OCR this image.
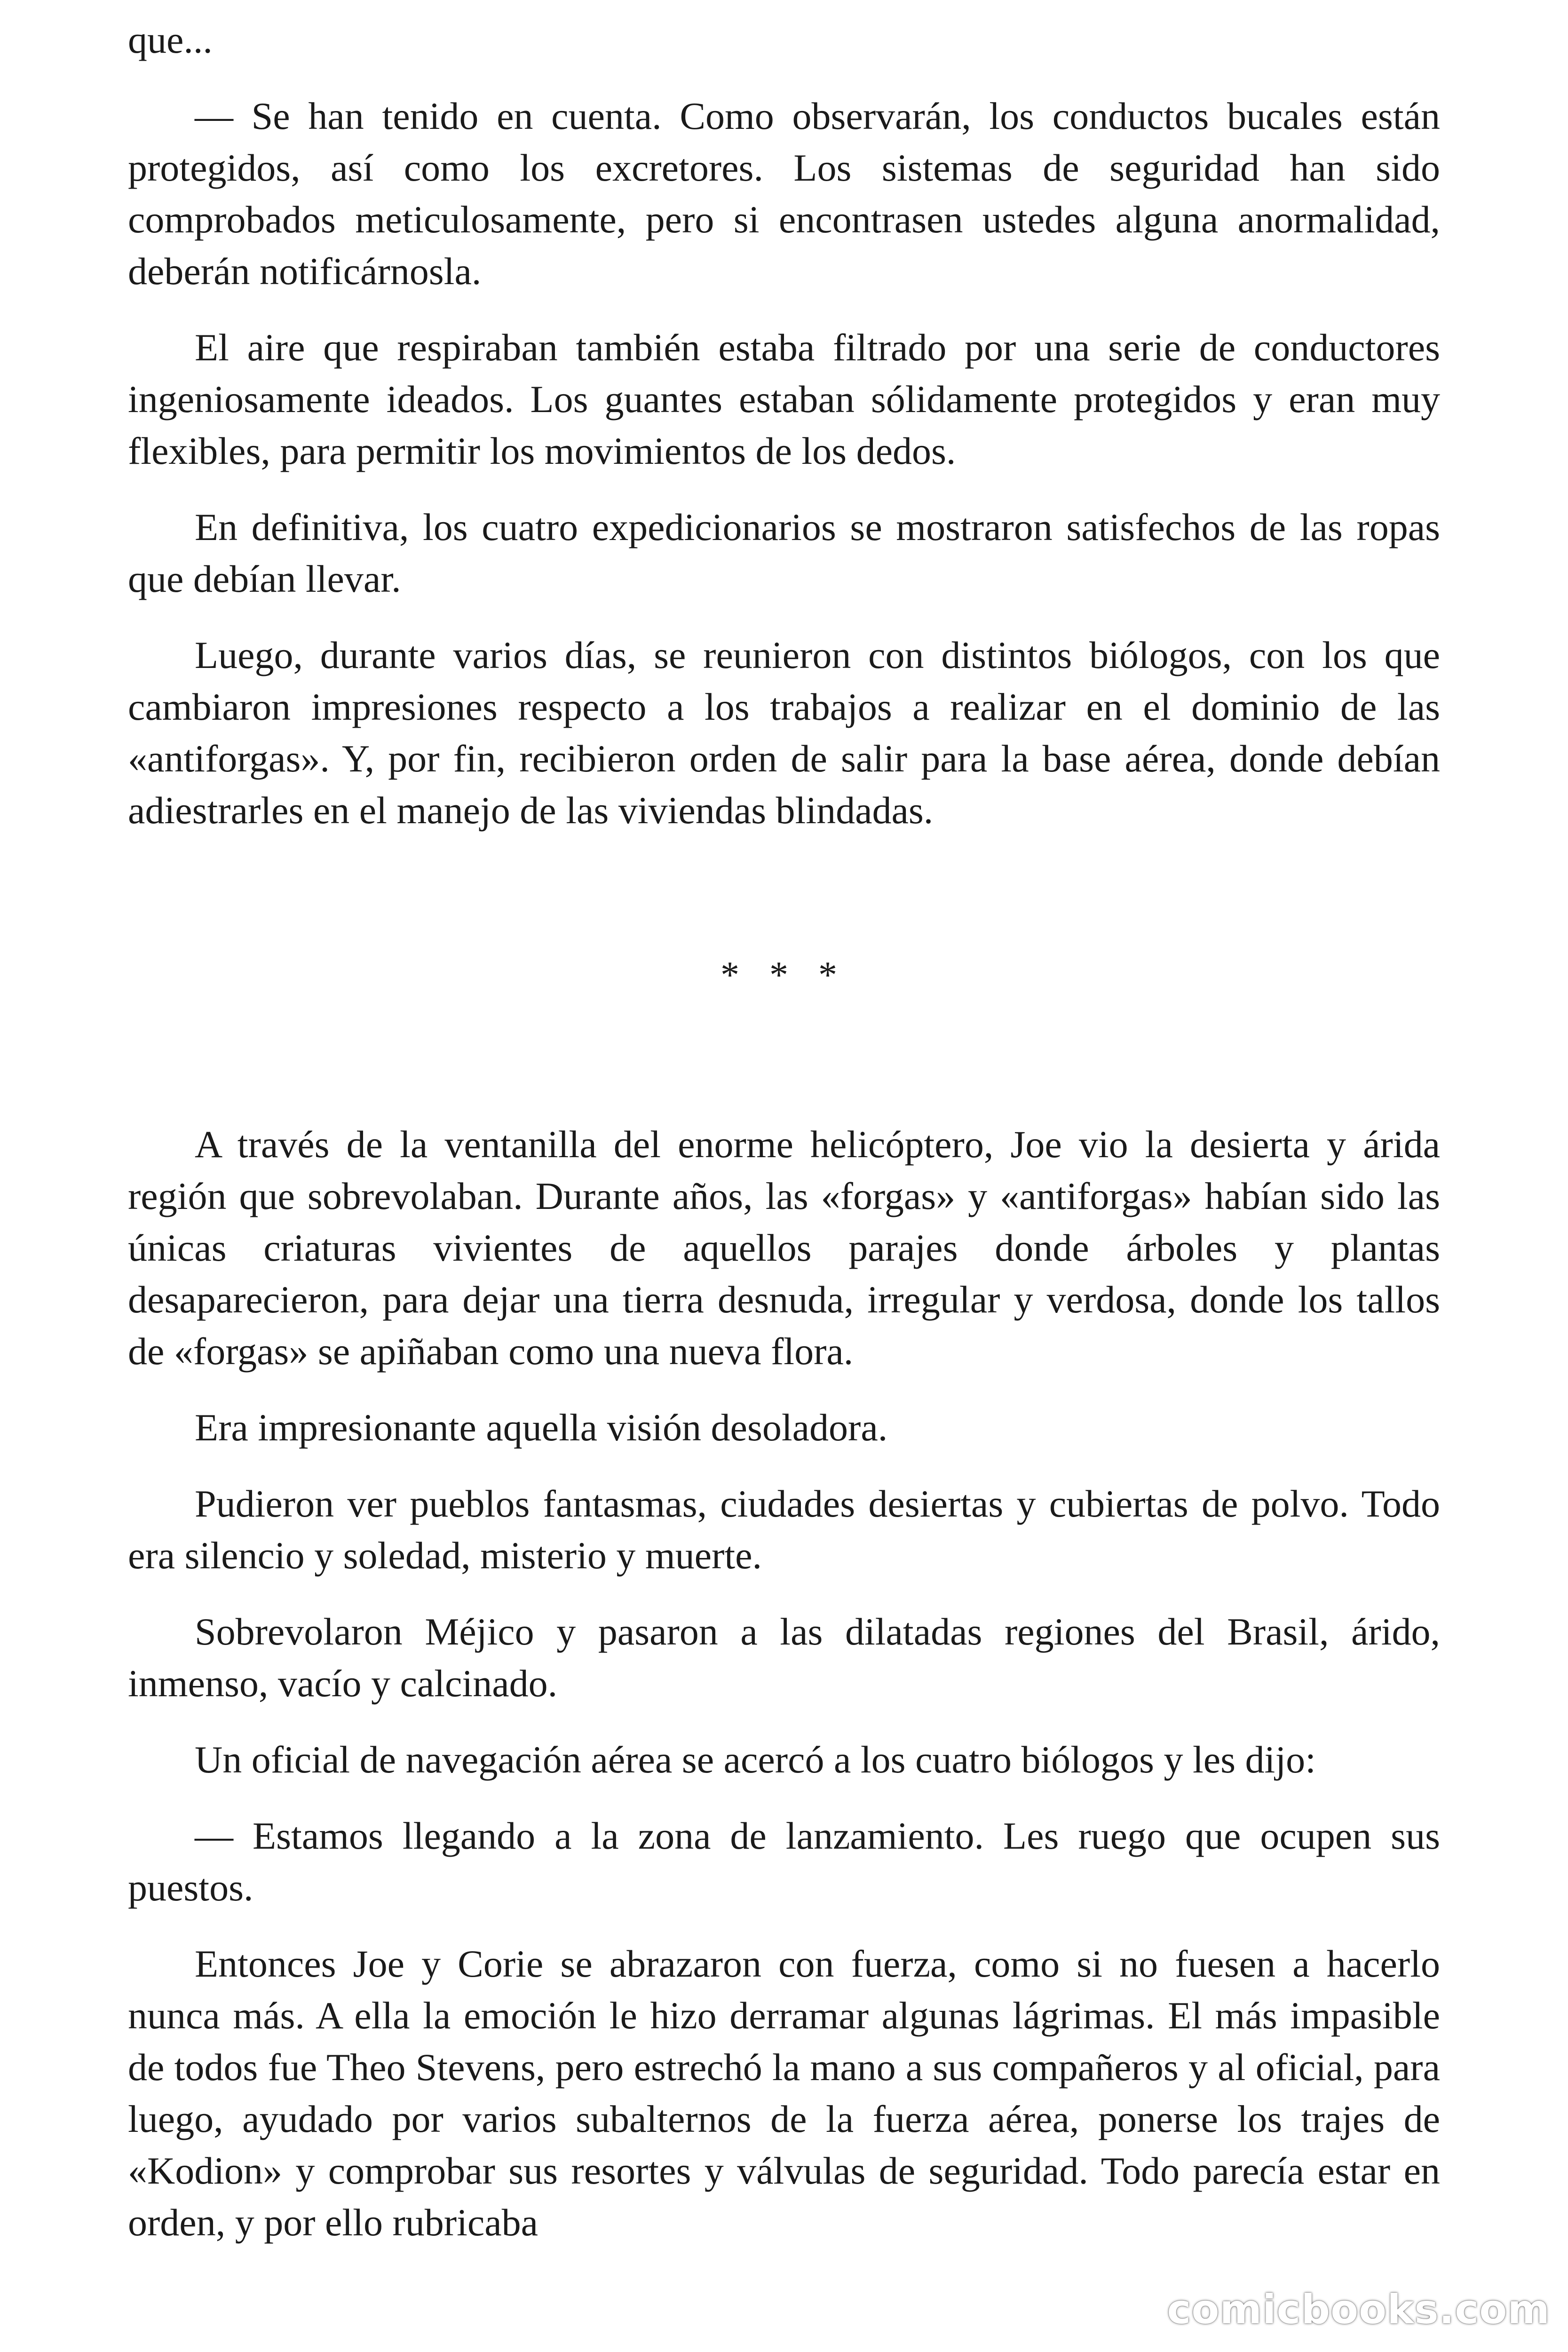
que...

— Se han tenido en cuenta. Como observarán, los conductos bucales están protegidos, así como los excretores. Los sistemas de seguridad han sido comprobados meticulosamente, pero si encontrasen ustedes alguna anormalidad, deberán notificárnosla.

El aire que respiraban también estaba filtrado por una serie de conductores ingeniosamente ideados. Los guantes estaban sólidamente protegidos y eran muy flexibles, para permitir los movimientos de los dedos.

En definitiva, los cuatro expedicionarios se mostraron satisfechos de las ropas que debían llevar.

Luego, durante varios días, se reunieron con distintos biólogos, con los que cambiaron impresiones respecto a los trabajos a realizar en el dominio de las «antiforgas». Y, por fin, recibieron orden de salir para la base aérea, donde debían adiestrarles en el manejo de las viviendas blindadas.

* * *

A través de la ventanilla del enorme helicóptero, Joe vio la desierta y árida región que sobrevolaban. Durante años, las «forgas» y «antiforgas» habían sido las únicas criaturas vivientes de aquellos parajes donde árboles y plantas desaparecieron, para dejar una tierra desnuda, irregular y verdosa, donde los tallos de «forgas» se apiñaban como una nueva flora.

Era impresionante aquella visión desoladora.

Pudieron ver pueblos fantasmas, ciudades desiertas y cubiertas de polvo. Todo era silencio y soledad, misterio y muerte.

Sobrevolaron Méjico y pasaron a las dilatadas regiones del Brasil, árido, inmenso, vacío y calcinado.

Un oficial de navegación aérea se acercó a los cuatro biólogos y les dijo:

— Estamos llegando a la zona de lanzamiento. Les ruego que ocupen sus puestos.

Entonces Joe y Corie se abrazaron con fuerza, como si no fuesen a hacerlo nunca más. A ella la emoción le hizo derramar algunas lágrimas. El más impasible de todos fue Theo Stevens, pero estrechó la mano a sus compañeros y al oficial, para luego, ayudado por varios subalternos de la fuerza aérea, ponerse los trajes de «Kodion» y comprobar sus resortes y válvulas de seguridad. Todo parecía estar en orden, y por ello rubricaba

comicbooks.com
